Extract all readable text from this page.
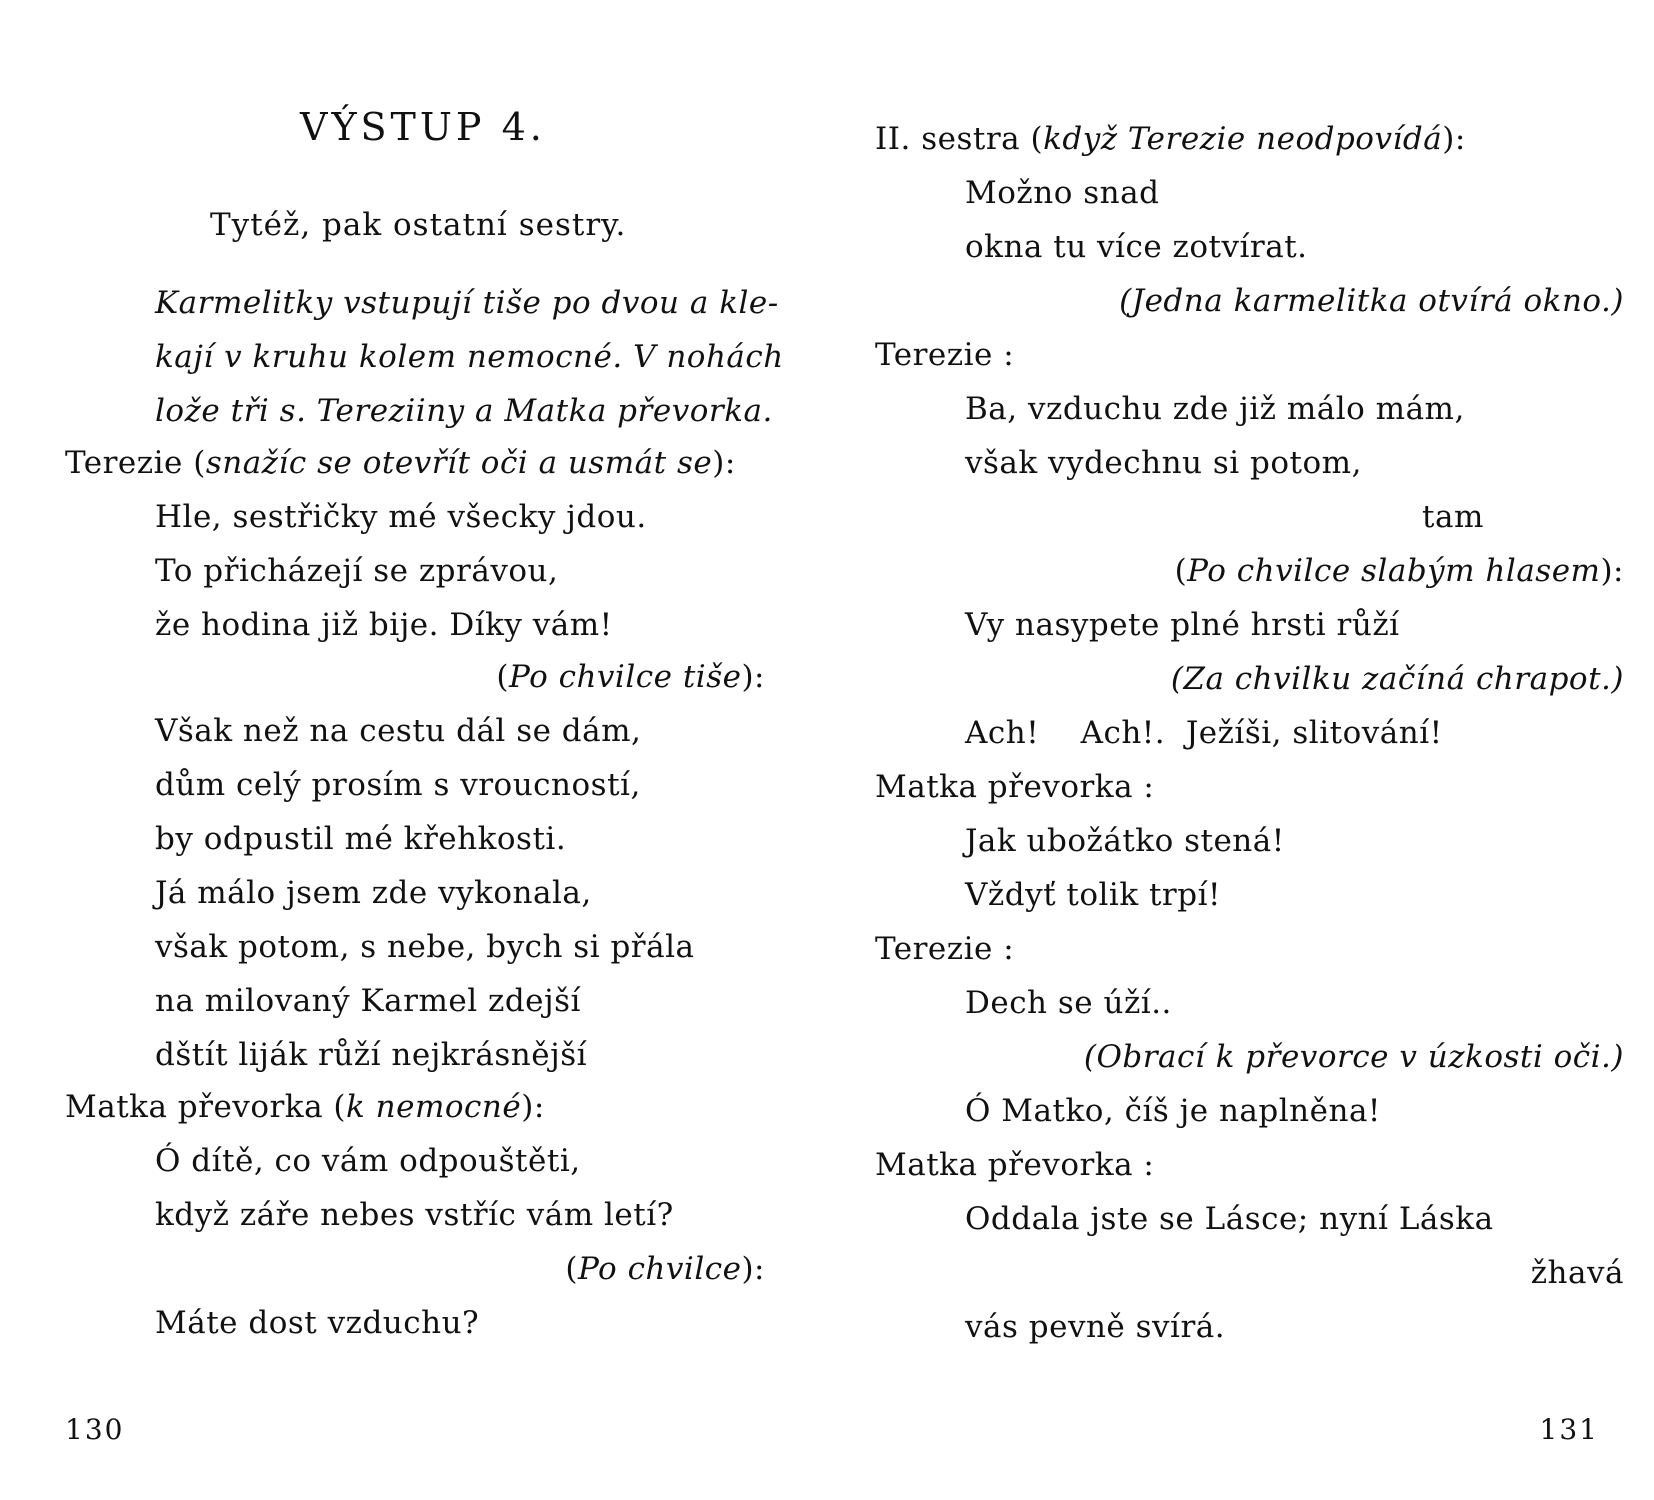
VÝSTUP 4.
Tytéž, pak ostatní sestry.
Karmelitky vstupují tiše po dvou a kle-
kají v kruhu kolem nemocné. V nohách
lože tři s. Tereziiny a Matka převorka.
Terezie (snažíc se otevřít oči a usmát se):
Hle, sestřičky mé všecky jdou.
To přicházejí se zprávou,
že hodina již bije. Díky vám!
(Po chvilce tiše):
Však než na cestu dál se dám,
dům celý prosím s vroucností,
by odpustil mé křehkosti.
Já málo jsem zde vykonala,
však potom, s nebe, bych si přála
na milovaný Karmel zdejší
dštít liják růží nejkrásnější
Matka převorka (k nemocné):
Ó dítě, co vám odpouštěti,
když záře nebes vstříc vám letí?
(Po chvilce):
Máte dost vzduchu?
130
II. sestra (když Terezie neodpovídá):
Možno snad
okna tu více zotvírat.
(Jedna karmelitka otvírá okno.)
Terezie :
Ba, vzduchu zde již málo mám,
však vydechnu si potom,
tam
(Po chvilce slabým hlasem):
Vy nasypete plné hrsti růží
(Za chvilku začíná chrapot.)
Ach!    Ach!.  Ježíši, slitování!
Matka převorka :
Jak ubožátko stená!
Vždyť tolik trpí!
Terezie :
Dech se úží..
(Obrací k převorce v úzkosti oči.)
Ó Matko, číš je naplněna!
Matka převorka :
Oddala jste se Lásce; nyní Láska
žhavá
vás pevně svírá.
131
